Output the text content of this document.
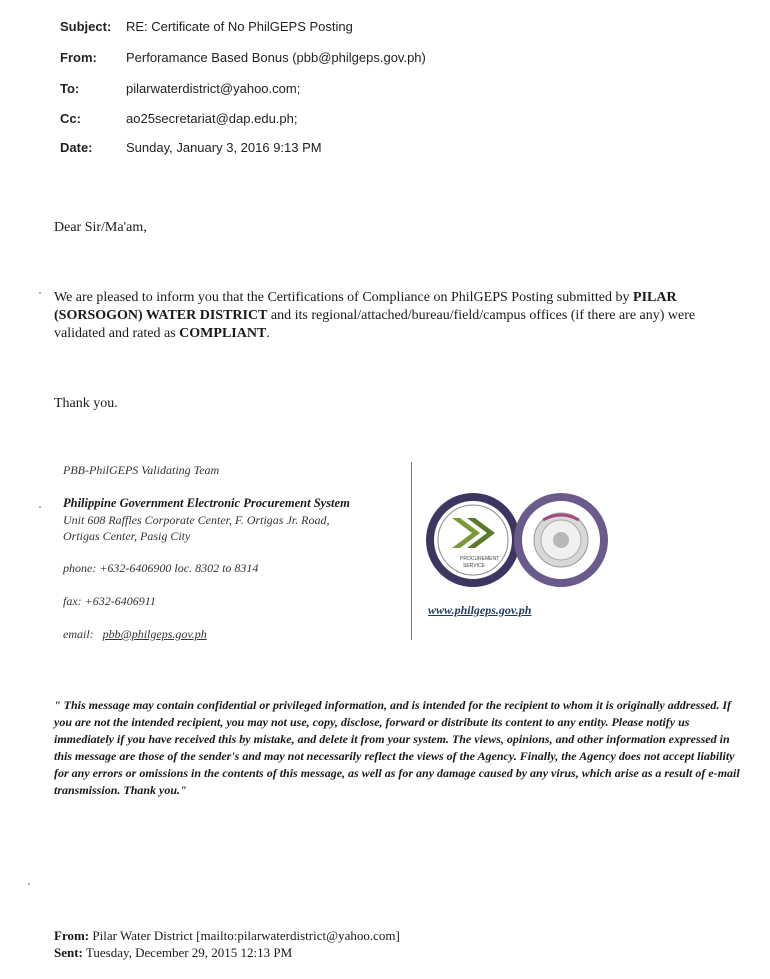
Subject: RE: Certificate of No PhilGEPS Posting
From: Perforamance Based Bonus (pbb@philgeps.gov.ph)
To:	pilarwaterdistrict@yahoo.com;
Cc:	ao25secretariat@dap.edu.ph;
Date:	Sunday, January 3, 2016 9:13 PM
Dear Sir/Ma'am,
We are pleased to inform you that the Certifications of Compliance on PhilGEPS Posting submitted by PILAR (SORSOGON) WATER DISTRICT and its regional/attached/bureau/field/campus offices (if there are any) were validated and rated as COMPLIANT.
Thank you.
PBB-PhilGEPS Validating Team
Philippine Government Electronic Procurement System
Unit 608 Raffles Corporate Center, F. Ortigas Jr. Road,
Ortigas Center, Pasig City
phone: +632-6406900 loc. 8302 to 8314
fax: +632-6406911
email: pbb@philgeps.gov.ph
PROCUREMENT
SERVICE
www.philgeps.gov.ph
" This message may contain confidential or privileged information, and is intended for the recipient to whom it is originally addressed. If you are not the intended recipient, you may not use, copy, disclose, forward or distribute its content to any entity. Please notify us immediately if you have received this by mistake, and delete it from your system. The views, opinions, and other information expressed in this message are those of the sender's and may not necessarily reflect the views of the Agency. Finally, the Agency does not accept liability for any errors or omissions in the contents of this message, as well as for any damage caused by any virus, which arise as a result of e-mail transmission. Thank you."
From: Pilar Water District [mailto:pilarwaterdistrict@yahoo.com]
Sent: Tuesday, December 29, 2015 12:13 PM
